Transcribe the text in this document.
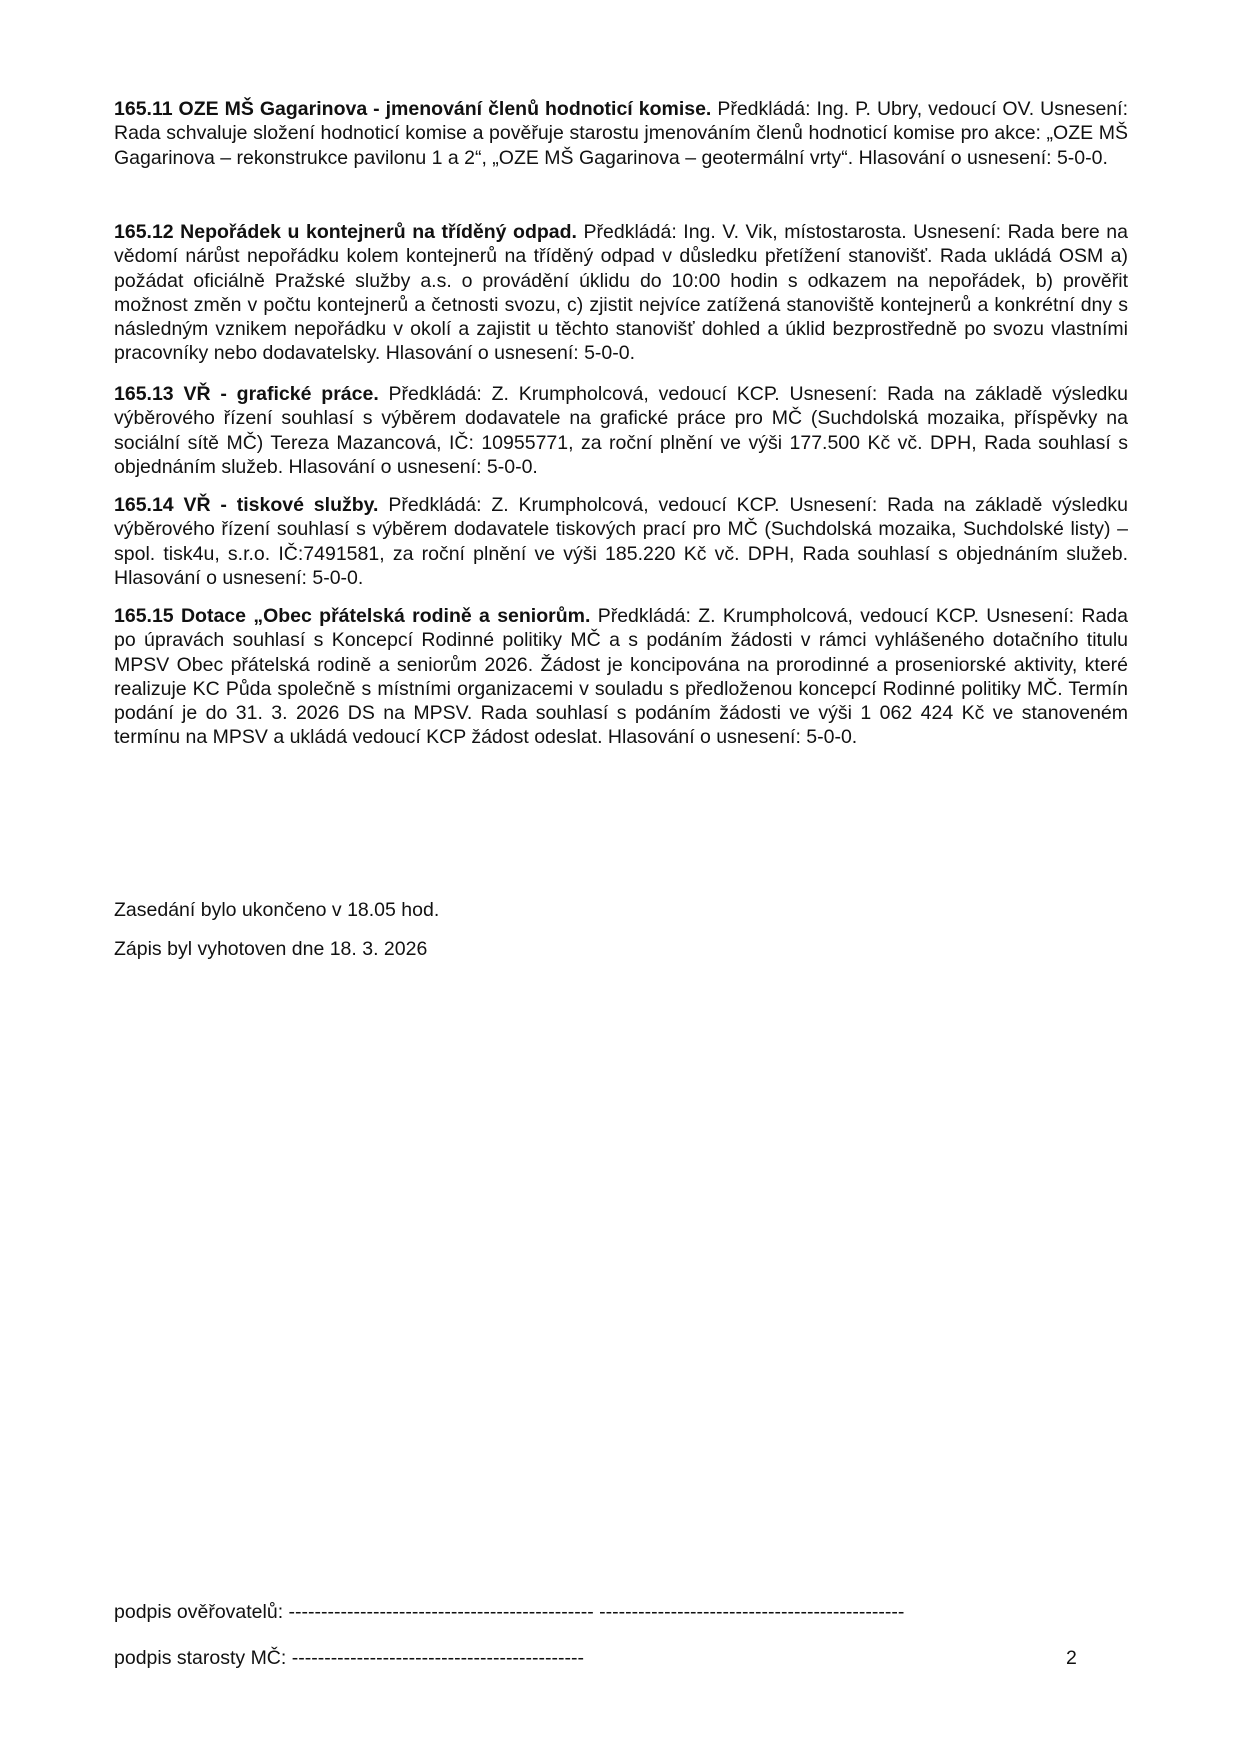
165.11 OZE MŠ Gagarinova - jmenování členů hodnoticí komise. Předkládá: Ing. P. Ubry, vedoucí OV. Usnesení: Rada schvaluje složení hodnoticí komise a pověřuje starostu jmenováním členů hodnoticí komise pro akce: „OZE MŠ Gagarinova – rekonstrukce pavilonu 1 a 2“, „OZE MŠ Gagarinova – geotermální vrty“. Hlasování o usnesení: 5-0-0.

165.12 Nepořádek u kontejnerů na tříděný odpad. Předkládá: Ing. V. Vik, místostarosta. Usnesení: Rada bere na vědomí nárůst nepořádku kolem kontejnerů na tříděný odpad v důsledku přetížení stanovišť. Rada ukládá OSM a) požádat oficiálně Pražské služby a.s. o provádění úklidu do 10:00 hodin s odkazem na nepořádek, b) prověřit možnost změn v počtu kontejnerů a četnosti svozu, c) zjistit nejvíce zatížená stanoviště kontejnerů a konkrétní dny s následným vznikem nepořádku v okolí a zajistit u těchto stanovišť dohled a úklid bezprostředně po svozu vlastními pracovníky nebo dodavatelsky. Hlasování o usnesení: 5-0-0.

165.13 VŘ - grafické práce. Předkládá: Z. Krumpholcová, vedoucí KCP. Usnesení: Rada na základě výsledku výběrového řízení souhlasí s výběrem dodavatele na grafické práce pro MČ (Suchdolská mozaika, příspěvky na sociální sítě MČ) Tereza Mazancová, IČ: 10955771, za roční plnění ve výši 177.500 Kč vč. DPH, Rada souhlasí s objednáním služeb. Hlasování o usnesení: 5-0-0.

165.14 VŘ - tiskové služby. Předkládá: Z. Krumpholcová, vedoucí KCP. Usnesení: Rada na základě výsledku výběrového řízení souhlasí s výběrem dodavatele tiskových prací pro MČ (Suchdolská mozaika, Suchdolské listy) – spol. tisk4u, s.r.o. IČ:7491581, za roční plnění ve výši 185.220 Kč vč. DPH, Rada souhlasí s objednáním služeb. Hlasování o usnesení: 5-0-0.

165.15 Dotace „Obec přátelská rodině a seniorům. Předkládá: Z. Krumpholcová, vedoucí KCP. Usnesení: Rada po úpravách souhlasí s Koncepcí Rodinné politiky MČ a s podáním žádosti v rámci vyhlášeného dotačního titulu MPSV Obec přátelská rodině a seniorům 2026. Žádost je koncipována na prorodinné a proseniorské aktivity, které realizuje KC Půda společně s místními organizacemi v souladu s předloženou koncepcí Rodinné politiky MČ. Termín podání je do 31. 3. 2026 DS na MPSV. Rada souhlasí s podáním žádosti ve výši 1 062 424 Kč ve stanoveném termínu na MPSV a ukládá vedoucí KCP žádost odeslat. Hlasování o usnesení: 5-0-0.

Zasedání bylo ukončeno v 18.05 hod.
Zápis byl vyhotoven dne 18. 3. 2026
podpis ověřovatelů: ----------------------------------------------- -----------------------------------------------
podpis starosty MČ: ---------------------------------------------	2
